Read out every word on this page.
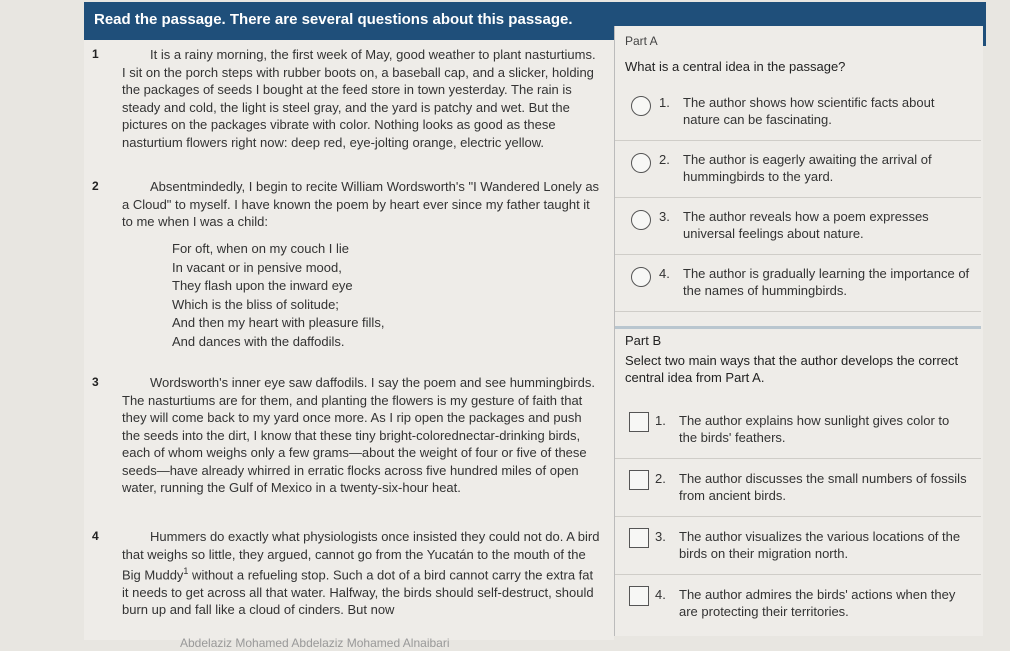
Read the passage. There are several questions about this passage.
1	It is a rainy morning, the first week of May, good weather to plant nasturtiums. I sit on the porch steps with rubber boots on, a baseball cap, and a slicker, holding the packages of seeds I bought at the feed store in town yesterday. The rain is steady and cold, the light is steel gray, and the yard is patchy and wet. But the pictures on the packages vibrate with color. Nothing looks as good as these nasturtium flowers right now: deep red, eye-jolting orange, electric yellow.
2	Absentmindedly, I begin to recite William Wordsworth's "I Wandered Lonely as a Cloud" to myself. I have known the poem by heart ever since my father taught it to me when I was a child:
For oft, when on my couch I lie
In vacant or in pensive mood,
They flash upon the inward eye
Which is the bliss of solitude;
And then my heart with pleasure fills,
And dances with the daffodils.
3	Wordsworth's inner eye saw daffodils. I say the poem and see hummingbirds. The nasturtiums are for them, and planting the flowers is my gesture of faith that they will come back to my yard once more. As I rip open the packages and push the seeds into the dirt, I know that these tiny bright-colorednectar-drinking birds, each of whom weighs only a few grams—about the weight of four or five of these seeds—have already whirred in erratic flocks across five hundred miles of open water, running the Gulf of Mexico in a twenty-six-hour heat.
4	Hummers do exactly what physiologists once insisted they could not do. A bird that weighs so little, they argued, cannot go from the Yucatán to the mouth of the Big Muddy$^1$ without a refueling stop. Such a dot of a bird cannot carry the extra fat it needs to get across all that water. Halfway, the birds should self-destruct, should burn up and fall like a cloud of cinders. But now
Part A
What is a central idea in the passage?
1. The author shows how scientific facts about nature can be fascinating.
2. The author is eagerly awaiting the arrival of hummingbirds to the yard.
3. The author reveals how a poem expresses universal feelings about nature.
4. The author is gradually learning the importance of the names of hummingbirds.
Part B
Select two main ways that the author develops the correct central idea from Part A.
1. The author explains how sunlight gives color to the birds' feathers.
2. The author discusses the small numbers of fossils from ancient birds.
3. The author visualizes the various locations of the birds on their migration north.
4. The author admires the birds' actions when they are protecting their territories.
Abdelaziz Mohamed Abdelaziz Mohamed Alnaibari
